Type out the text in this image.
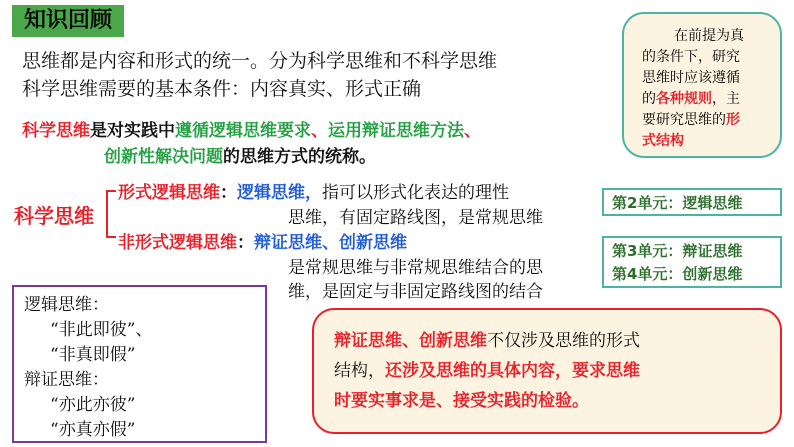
知识回顾
思维都是内容和形式的统一。分为科学思维和不科学思维
科学思维需要的基本条件：内容真实、形式正确
科学思维是对实践中遵循逻辑思维要求、运用辩证思维方法、
创新性解决问题的思维方式的统称。
科学思维
形式逻辑思维：逻辑思维，指可以形式化表达的理性
思维，有固定路线图，是常规思维
非形式逻辑思维：辩证思维、创新思维
是常规思维与非常规思维结合的思
维，是固定与非固定路线图的结合
在前提为真
的条件下，研究
思维时应该遵循
的各种规则，主
要研究思维的形
式结构
第2单元：逻辑思维
第3单元：辩证思维
第4单元：创新思维
逻辑思维：
“非此即彼”、
“非真即假”
辩证思维：
“亦此亦彼”
“亦真亦假”
辩证思维、创新思维不仅涉及思维的形式
结构，还涉及思维的具体内容，要求思维
时要实事求是、接受实践的检验。
